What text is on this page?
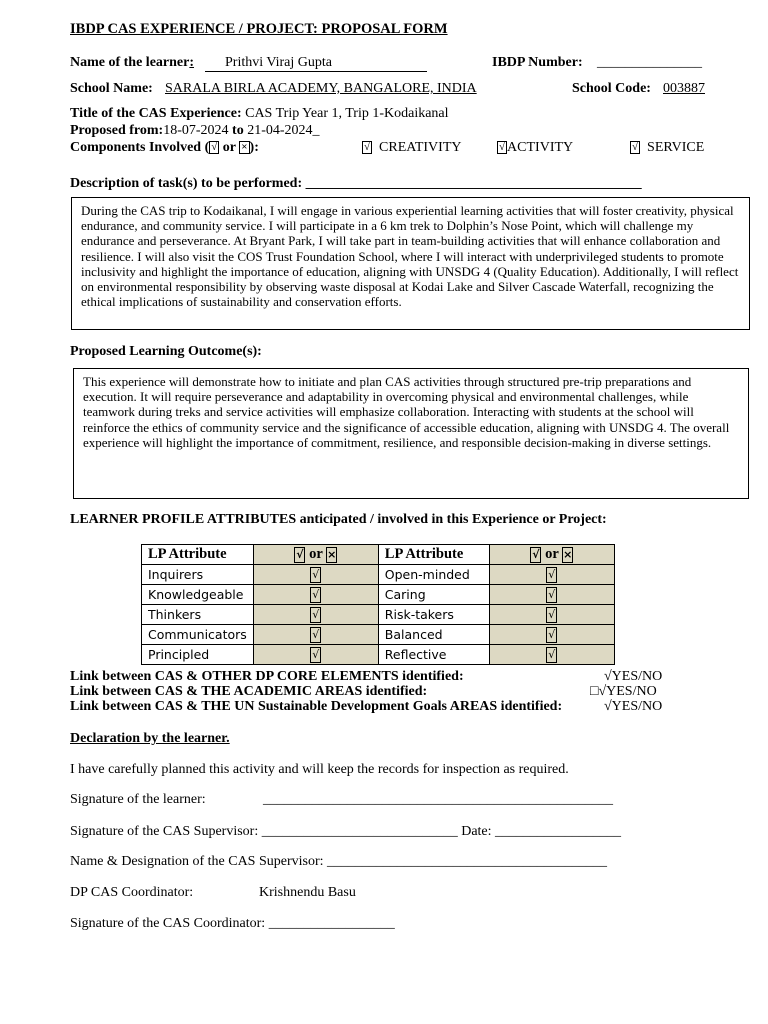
IBDP CAS EXPERIENCE / PROJECT: PROPOSAL FORM
Name of the learner:	Prithvi Viraj Gupta	IBDP Number: _______________
School Name: SARALA BIRLA ACADEMY, BANGALORE, INDIA	School Code: 003887
Title of the CAS Experience: CAS Trip Year 1, Trip 1-Kodaikanal
Proposed from:18-07-2024 to 21-04-2024_
Components Involved ( √ or × ):	√ CREATIVITY	√ ACTIVITY	√ SERVICE
Description of task(s) to be performed: ________________________________________________

During the CAS trip to Kodaikanal, I will engage in various experiential learning activities that will foster creativity, physical endurance, and community service. I will participate in a 6 km trek to Dolphin’s Nose Point, which will challenge my endurance and perseverance. At Bryant Park, I will take part in team-building activities that will enhance collaboration and resilience. I will also visit the COS Trust Foundation School, where I will interact with underprivileged students to promote inclusivity and highlight the importance of education, aligning with UNSDG 4 (Quality Education). Additionally, I will reflect on environmental responsibility by observing waste disposal at Kodai Lake and Silver Cascade Waterfall, recognizing the ethical implications of sustainability and conservation efforts.

Proposed Learning Outcome(s):

This experience will demonstrate how to initiate and plan CAS activities through structured pre-trip preparations and execution. It will require perseverance and adaptability in overcoming physical and environmental challenges, while teamwork during treks and service activities will emphasize collaboration. Interacting with students at the school will reinforce the ethics of community service and the significance of accessible education, aligning with UNSDG 4. The overall experience will highlight the importance of commitment, resilience, and responsible decision-making in diverse settings.

LEARNER PROFILE ATTRIBUTES anticipated / involved in this Experience or Project:
LP Attribute	√ or ×	LP Attribute	√ or ×
Inquirers	√	Open-minded	√
Knowledgeable	√	Caring	√
Thinkers	√	Risk-takers	√
Communicators	√	Balanced	√
Principled	√	Reflective	√
Link between CAS & OTHER DP CORE ELEMENTS identified:	√YES/NO
Link between CAS & THE ACADEMIC AREAS identified:	□√YES/NO
Link between CAS & THE UN Sustainable Development Goals AREAS identified:	√YES/NO
Declaration by the learner.
I have carefully planned this activity and will keep the records for inspection as required.
Signature of the learner:	__________________________________________________
Signature of the CAS Supervisor: ____________________________ Date: __________________
Name & Designation of the CAS Supervisor: ________________________________________
DP CAS Coordinator:	Krishnendu Basu
Signature of the CAS Coordinator: __________________
